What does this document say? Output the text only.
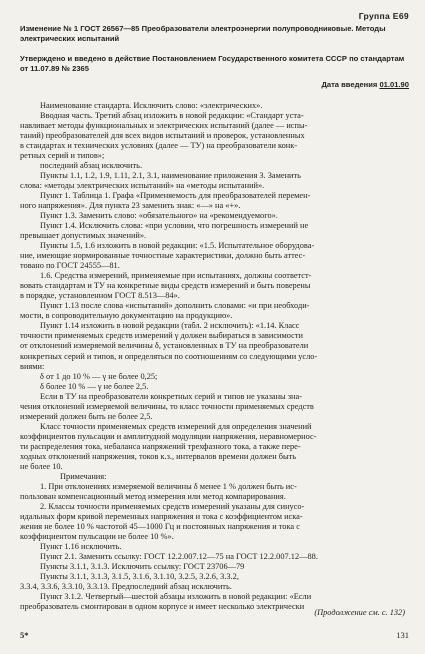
Группа Е69
Изменение № 1 ГОСТ 26567—85 Преобразователи электроэнергии полупроводниковые. Методы электрических испытаний
Утверждено и введено в действие Постановлением Государственного комитета СССР по стандартам от 11.07.89 № 2365
Дата введения 01.01.90
Наименование стандарта. Исключить слово: «электрических».
Вводная часть. Третий абзац изложить в новой редакции: «Стандарт уста-
навливает методы функциональных и электрических испытаний (далее — испы-
таний) преобразователей для всех видов испытаний и проверок, установленных
в стандартах и технических условиях (далее — ТУ) на преобразователи конк-
ретных серий и типов»;
последний абзац исключить.
Пункты 1.1, 1.2, 1.9, 1.11, 2.1, 3.1, наименование приложения 3. Заменить
слова: «методы электрических испытаний» на «методы испытаний».
Пункт 1. Таблица 1. Графа «Применяемость для преобразователей перемен-
ного напряжения». Для пункта 23 заменить знак: «—» на «+».
Пункт 1.3. Заменить слово: «обязательного» на «рекомендуемого».
Пункт 1.4. Исключить слова: «при условии, что погрешность измерений не
превышает допустимых значений».
Пункты 1.5, 1.6 изложить в новой редакции: «1.5. Испытательное оборудова-
ние, имеющие нормированные точностные характеристики, должно быть аттес-
товано по ГОСТ 24555—81.
1.6. Средства измерений, применяемые при испытаниях, должны соответст-
вовать стандартам и ТУ на конкретные виды средств измерений и быть поверены
в порядке, установленном ГОСТ 8.513—84».
Пункт 1.13 после слова «испытаний» дополнить словами: «и при необходи-
мости, в сопроводительную документацию на продукцию».
Пункт 1.14 изложить в новой редакции (табл. 2 исключить): «1.14. Класс
точности применяемых средств измерений γ должен выбираться в зависимости
от отклонений измеряемой величины δ, установленных в ТУ на преобразователи
конкретных серий и типов, и определяться по соотношениям со следующими усло-
виями:
δ от 1 до 10 % — γ не более 0,25;
δ более 10 % — γ не более 2,5.
Если в ТУ на преобразователи конкретных серий и типов не указаны зна-
чения отклонений измеряемой величины, то класс точности применяемых средств
измерений должен быть не более 2,5.
Класс точности применяемых средств измерений для определения значений
коэффициентов пульсации и амплитудной модуляции напряжения, неравномернос-
ти распределения тока, небаланса напряжений трехфазного тока, а также пере-
ходных отклонений напряжения, токов к.з., интервалов времени должен быть
не более 10.
Примечания:
1. При отклонениях измеряемой величины δ менее 1 % должен быть ис-
пользован компенсационный метод измерения или метод компарирования.
2. Классы точности применяемых средств измерений указаны для синусо-
идальных форм кривой переменных напряжения и тока с коэффициентом иска-
жения не более 10 % частотой 45—1000 Гц и постоянных напряжения и тока с
коэффициентом пульсации не более 10 %».
Пункт 1.16 исключить.
Пункт 2.1. Заменить ссылку: ГОСТ 12.2.007.12—75 на ГОСТ 12.2.007.12—88.
Пункты 3.1.1, 3.1.3. Исключить ссылку: ГОСТ 23706—79
Пункты 3.1.1, 3.1.3, 3.1.5, 3.1.6, 3.1.10, 3.2.5, 3.2.6, 3.3.2,
3.3.4, 3.3.6, 3.3.10, 3.3.13. Предпоследний абзац исключить.
Пункт 3.1.2. Четвертый—шестой абзацы изложить в новой редакции: «Если
преобразователь смонтирован в одном корпусе и имеет несколько электрически
(Продолжение см. с. 132)
5*	131
